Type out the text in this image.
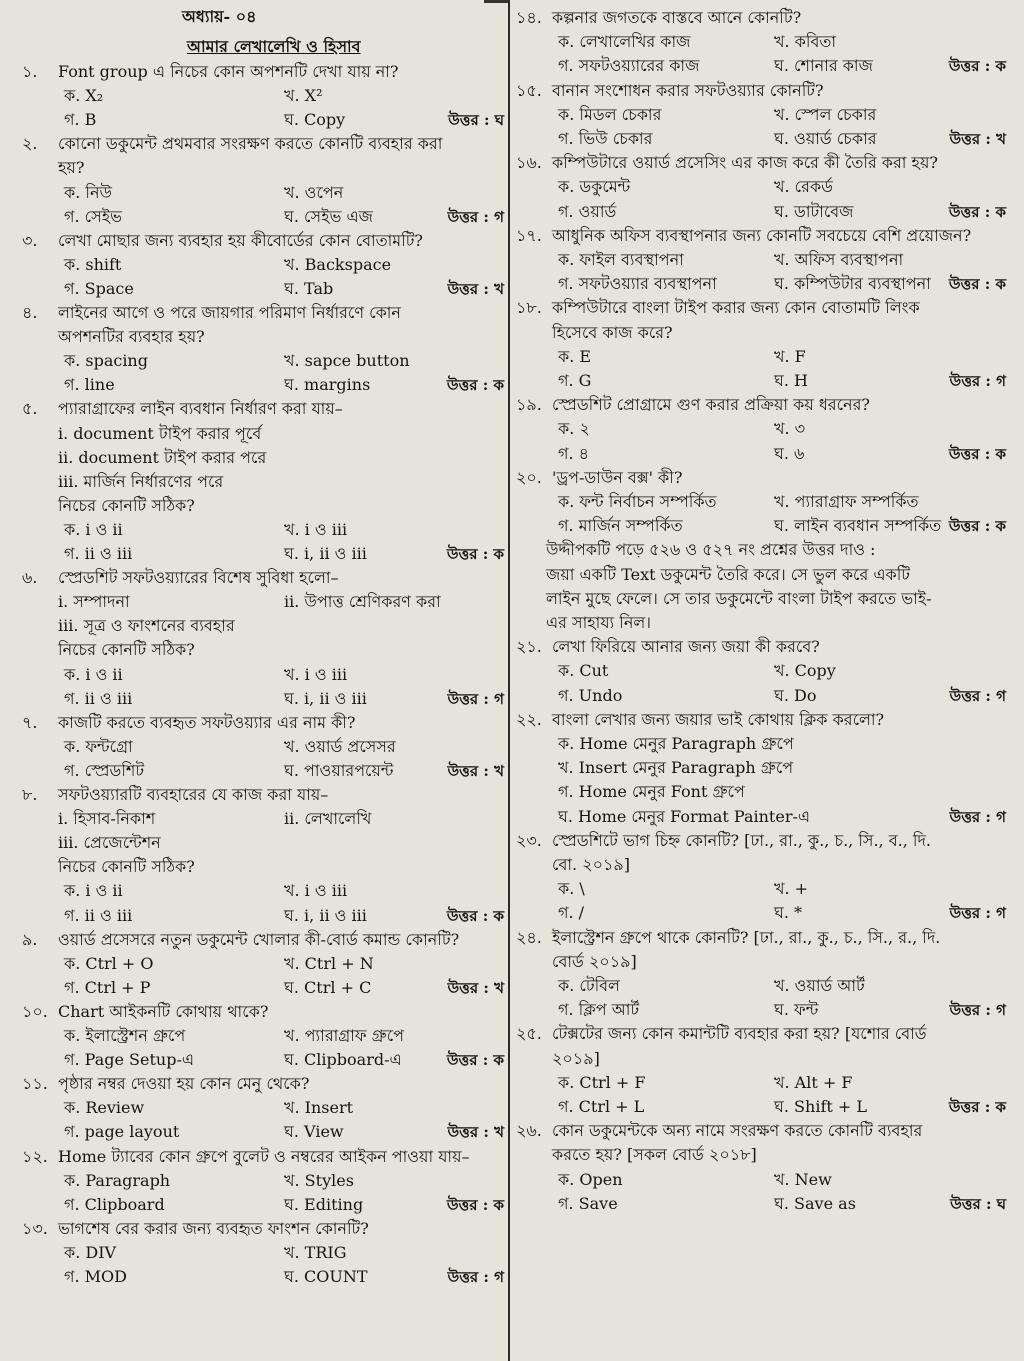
অধ্যায়- ০৪
আমার লেখালেখি ও হিসাব
১. Font group এ নিচের কোন অপশনটি দেখা যায় না?
ক. X₂	খ. X²
গ. B	ঘ. Copy	উত্তর : ঘ
২. কোনো ডকুমেন্ট প্রথমবার সংরক্ষণ করতে কোনটি ব্যবহার করা
হয়?
ক. নিউ	খ. ওপেন
গ. সেইভ	ঘ. সেইভ এজ	উত্তর : গ
৩. লেখা মোছার জন্য ব্যবহার হয় কীবোর্ডের কোন বোতামটি?
ক. shift	খ. Backspace
গ. Space	ঘ. Tab	উত্তর : খ
৪. লাইনের আগে ও পরে জায়গার পরিমাণ নির্ধারণে কোন
অপশনটির ব্যবহার হয়?
ক. spacing	খ. sapce button
গ. line	ঘ. margins	উত্তর : ক
৫. প্যারাগ্রাফের লাইন ব্যবধান নির্ধারণ করা যায়–
i. document টাইপ করার পূর্বে
ii. document টাইপ করার পরে
iii. মার্জিন নির্ধারণের পরে
নিচের কোনটি সঠিক?
ক. i ও ii	খ. i ও iii
গ. ii ও iii	ঘ. i, ii ও iii	উত্তর : ক
৬. স্প্রেডশিট সফটওয়্যারের বিশেষ সুবিধা হলো–
i. সম্পাদনা	ii. উপাত্ত শ্রেণিকরণ করা
iii. সূত্র ও ফাংশনের ব্যবহার
নিচের কোনটি সঠিক?
ক. i ও ii	খ. i ও iii
গ. ii ও iii	ঘ. i, ii ও iii	উত্তর : গ
৭. কাজটি করতে ব্যবহৃত সফটওয়্যার এর নাম কী?
ক. ফন্টগ্রো	খ. ওয়ার্ড প্রসেসর
গ. স্প্রেডশিট	ঘ. পাওয়ারপয়েন্ট	উত্তর : খ
৮. সফটওয়্যারটি ব্যবহারের যে কাজ করা যায়–
i. হিসাব-নিকাশ	ii. লেখালেখি
iii. প্রেজেন্টেশন
নিচের কোনটি সঠিক?
ক. i ও ii	খ. i ও iii
গ. ii ও iii	ঘ. i, ii ও iii	উত্তর : ক
৯. ওয়ার্ড প্রসেসরে নতুন ডকুমেন্ট খোলার কী-বোর্ড কমান্ড কোনটি?
ক. Ctrl + O	খ. Ctrl + N
গ. Ctrl + P	ঘ. Ctrl + C	উত্তর : খ
১০. Chart আইকনটি কোথায় থাকে?
ক. ইলাস্ট্রেশন গ্রুপে	খ. প্যারাগ্রাফ গ্রুপে
গ. Page Setup-এ	ঘ. Clipboard-এ	উত্তর : ক
১১. পৃষ্ঠার নম্বর দেওয়া হয় কোন মেনু থেকে?
ক. Review	খ. Insert
গ. page layout	ঘ. View	উত্তর : খ
১২. Home ট্যাবের কোন গ্রুপে বুলেট ও নম্বরের আইকন পাওয়া যায়–
ক. Paragraph	খ. Styles
গ. Clipboard	ঘ. Editing	উত্তর : ক
১৩. ভাগশেষ বের করার জন্য ব্যবহৃত ফাংশন কোনটি?
ক. DIV	খ. TRIG
গ. MOD	ঘ. COUNT	উত্তর : গ
১৪. কল্পনার জগতকে বাস্তবে আনে কোনটি?
ক. লেখালেখির কাজ	খ. কবিতা
গ. সফটওয়্যারের কাজ	ঘ. শোনার কাজ	উত্তর : ক
১৫. বানান সংশোধন করার সফটওয়্যার কোনটি?
ক. মিডল চেকার	খ. স্পেল চেকার
গ. ভিউ চেকার	ঘ. ওয়ার্ড চেকার	উত্তর : খ
১৬. কম্পিউটারে ওয়ার্ড প্রসেসিং এর কাজ করে কী তৈরি করা হয়?
ক. ডকুমেন্ট	খ. রেকর্ড
গ. ওয়ার্ড	ঘ. ডাটাবেজ	উত্তর : ক
১৭. আধুনিক অফিস ব্যবস্থাপনার জন্য কোনটি সবচেয়ে বেশি প্রয়োজন?
ক. ফাইল ব্যবস্থাপনা	খ. অফিস ব্যবস্থাপনা
গ. সফটওয়্যার ব্যবস্থাপনা	ঘ. কম্পিউটার ব্যবস্থাপনা উত্তর : ক
১৮. কম্পিউটারে বাংলা টাইপ করার জন্য কোন বোতামটি লিংক
হিসেবে কাজ করে?
ক. E	খ. F
গ. G	ঘ. H	উত্তর : গ
১৯. স্প্রেডশিট প্রোগ্রামে গুণ করার প্রক্রিয়া কয় ধরনের?
ক. ২	খ. ৩
গ. ৪	ঘ. ৬	উত্তর : ক
২০. 'ড্রপ-ডাউন বক্স' কী?
ক. ফন্ট নির্বাচন সম্পর্কিত	খ. প্যারাগ্রাফ সম্পর্কিত
গ. মার্জিন সম্পর্কিত	ঘ. লাইন ব্যবধান সম্পর্কিত উত্তর : ক
উদ্দীপকটি পড়ে ৫২৬ ও ৫২৭ নং প্রশ্নের উত্তর দাও :
জয়া একটি Text ডকুমেন্ট তৈরি করে। সে ভুল করে একটি
লাইন মুছে ফেলে। সে তার ডকুমেন্টে বাংলা টাইপ করতে ভাই-
এর সাহায্য নিল।
২১. লেখা ফিরিয়ে আনার জন্য জয়া কী করবে?
ক. Cut	খ. Copy
গ. Undo	ঘ. Do	উত্তর : গ
২২. বাংলা লেখার জন্য জয়ার ভাই কোথায় ক্লিক করলো?
ক. Home মেনুর Paragraph গ্রুপে
খ. Insert মেনুর Paragraph গ্রুপে
গ. Home মেনুর Font গ্রুপে
ঘ. Home মেনুর Format Painter-এ	উত্তর : গ
২৩. স্প্রেডশিটে ভাগ চিহ্ন কোনটি? [ঢা., রা., কু., চ., সি., ব., দি.
বো. ২০১৯]
ক. \	খ. +
গ. /	ঘ. *	উত্তর : গ
২৪. ইলাস্ট্রেশন গ্রুপে থাকে কোনটি? [ঢা., রা., কু., চ., সি., র., দি.
বোর্ড ২০১৯]
ক. টেবিল	খ. ওয়ার্ড আর্ট
গ. ক্লিপ আর্ট	ঘ. ফন্ট	উত্তর : গ
২৫. টেক্সটের জন্য কোন কমান্টটি ব্যবহার করা হয়? [যশোর বোর্ড
২০১৯]
ক. Ctrl + F	খ. Alt + F
গ. Ctrl + L	ঘ. Shift + L	উত্তর : ক
২৬. কোন ডকুমেন্টকে অন্য নামে সংরক্ষণ করতে কোনটি ব্যবহার
করতে হয়? [সকল বোর্ড ২০১৮]
ক. Open	খ. New
গ. Save	ঘ. Save as	উত্তর : ঘ
